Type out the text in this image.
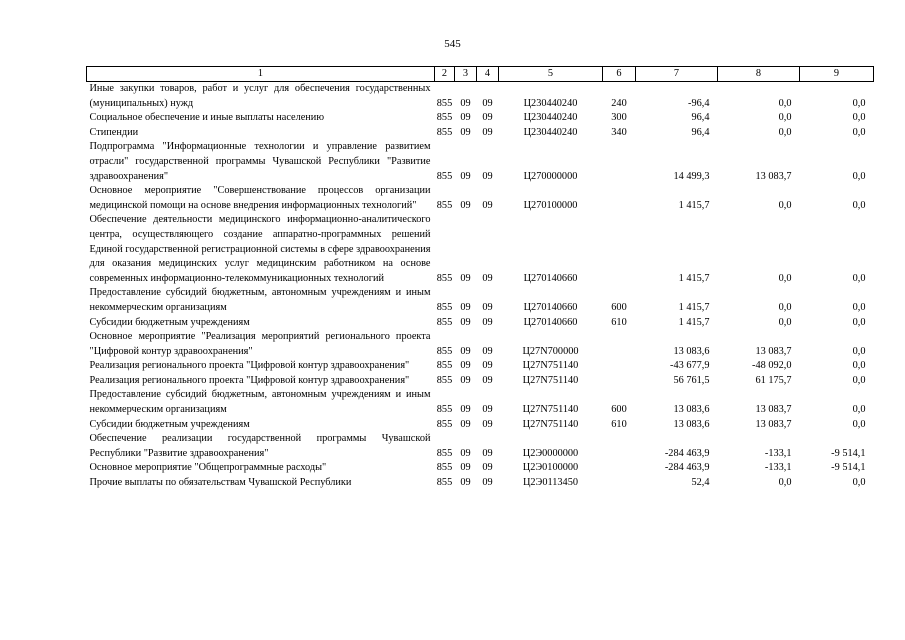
545
1	2	3	4	5	6	7	8	9
Иные закупки товаров, работ и услуг для обеспечения государственных (муниципальных) нужд	855	09	09	Ц230440240	240	-96,4	0,0	0,0
Социальное обеспечение и иные выплаты населению	855	09	09	Ц230440240	300	96,4	0,0	0,0
Стипендии	855	09	09	Ц230440240	340	96,4	0,0	0,0
Подпрограмма "Информационные технологии и управление развитием отрасли" государственной программы Чувашской Республики "Развитие здравоохранения"	855	09	09	Ц270000000		14 499,3	13 083,7	0,0
Основное мероприятие "Совершенствование процессов организации медицинской помощи на основе внедрения информационных технологий"	855	09	09	Ц270100000		1 415,7	0,0	0,0
Обеспечение деятельности медицинского информационно-аналитического центра, осуществляющего создание аппаратно-программных решений Единой государственной регистрационной системы в сфере здравоохранения для оказания медицинских услуг медицинским работником на основе современных информационно-телекоммуникационных технологий	855	09	09	Ц270140660		1 415,7	0,0	0,0
Предоставление субсидий бюджетным, автономным учреждениям и иным некоммерческим организациям	855	09	09	Ц270140660	600	1 415,7	0,0	0,0
Субсидии бюджетным учреждениям	855	09	09	Ц270140660	610	1 415,7	0,0	0,0
Основное мероприятие "Реализация мероприятий регионального проекта "Цифровой контур здравоохранения"	855	09	09	Ц27N700000		13 083,6	13 083,7	0,0
Реализация регионального проекта "Цифровой контур здравоохранения"	855	09	09	Ц27N751140		-43 677,9	-48 092,0	0,0
Реализация регионального проекта "Цифровой контур здравоохранения"	855	09	09	Ц27N751140		56 761,5	61 175,7	0,0
Предоставление субсидий бюджетным, автономным учреждениям и иным некоммерческим организациям	855	09	09	Ц27N751140	600	13 083,6	13 083,7	0,0
Субсидии бюджетным учреждениям	855	09	09	Ц27N751140	610	13 083,6	13 083,7	0,0
Обеспечение реализации государственной программы Чувашской Республики "Развитие здравоохранения"	855	09	09	Ц2Э0000000		-284 463,9	-133,1	-9 514,1
Основное мероприятие "Общепрограммные расходы"	855	09	09	Ц2Э0100000		-284 463,9	-133,1	-9 514,1
Прочие выплаты по обязательствам Чувашской Республики	855	09	09	Ц2Э0113450		52,4	0,0	0,0
